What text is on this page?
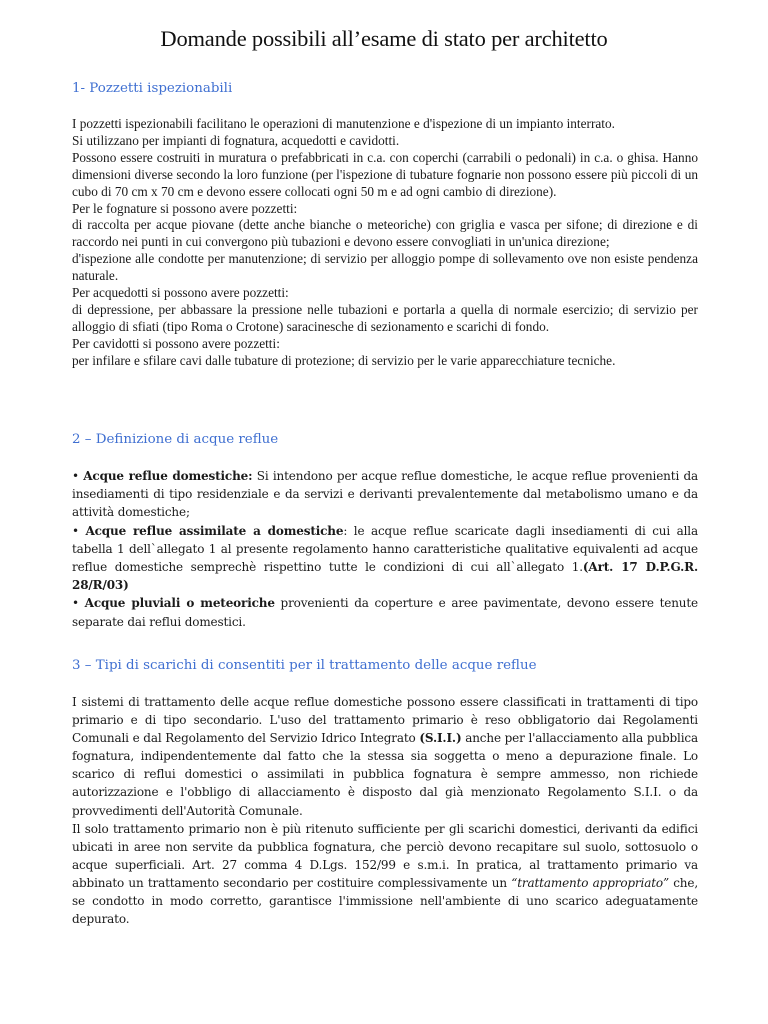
Domande possibili all’esame di stato per architetto
1- Pozzetti ispezionabili

I pozzetti ispezionabili facilitano le operazioni di manutenzione e d'ispezione di un impianto interrato.

Si utilizzano per impianti di fognatura, acquedotti e cavidotti.

Possono essere costruiti in muratura o prefabbricati in c.a. con coperchi (carrabili o pedonali) in c.a. o ghisa. Hanno dimensioni diverse secondo la loro funzione (per l'ispezione di tubature fognarie non possono essere più piccoli di un cubo di 70 cm x 70 cm e devono essere collocati ogni 50 m e ad ogni cambio di direzione).

Per le fognature si possono avere pozzetti:

di raccolta per acque piovane (dette anche bianche o meteoriche) con griglia e vasca per sifone; di direzione e di raccordo nei punti in cui convergono più tubazioni e devono essere convogliati in un'unica direzione;

d'ispezione alle condotte per manutenzione; di servizio per alloggio pompe di sollevamento ove non esiste pendenza naturale.

Per acquedotti si possono avere pozzetti:

di depressione, per abbassare la pressione nelle tubazioni e portarla a quella di normale esercizio; di servizio per alloggio di sfiati (tipo Roma o Crotone) saracinesche di sezionamento e scarichi di fondo.

Per cavidotti si possono avere pozzetti:

per infilare e sfilare cavi dalle tubature di protezione; di servizio per le varie apparecchiature tecniche.

2 – Definizione di acque reflue

• Acque reflue domestiche: Si intendono per acque reflue domestiche, le acque reflue provenienti da insediamenti di tipo residenziale e da servizi e derivanti prevalentemente dal metabolismo umano e da attività domestiche;

• Acque reflue assimilate a domestiche: le acque reflue scaricate dagli insediamenti di cui alla tabella 1 dell`allegato 1 al presente regolamento hanno caratteristiche qualitative equivalenti ad acque reflue domestiche semprechè rispettino tutte le condizioni di cui all`allegato 1.(Art. 17 D.P.G.R. 28/R/03)

• Acque pluviali o meteoriche provenienti da coperture e aree pavimentate, devono essere tenute separate dai reflui domestici.

3 – Tipi di scarichi di consentiti per il trattamento delle acque reflue

I sistemi di trattamento delle acque reflue domestiche possono essere classificati in trattamenti di tipo primario e di tipo secondario. L'uso del trattamento primario è reso obbligatorio dai Regolamenti Comunali e dal Regolamento del Servizio Idrico Integrato (S.I.I.) anche per l'allacciamento alla pubblica fognatura, indipendentemente dal fatto che la stessa sia soggetta o meno a depurazione finale. Lo scarico di reflui domestici o assimilati in pubblica fognatura è sempre ammesso, non richiede autorizzazione e l'obbligo di allacciamento è disposto dal già menzionato Regolamento S.I.I. o da provvedimenti dell'Autorità Comunale.

Il solo trattamento primario non è più ritenuto sufficiente per gli scarichi domestici, derivanti da edifici ubicati in aree non servite da pubblica fognatura, che perciò devono recapitare sul suolo, sottosuolo o acque superficiali. Art. 27 comma 4 D.Lgs. 152/99 e s.m.i. In pratica, al trattamento primario va abbinato un trattamento secondario per costituire complessivamente un “trattamento appropriato” che, se condotto in modo corretto, garantisce l'immissione nell'ambiente di uno scarico adeguatamente depurato.
